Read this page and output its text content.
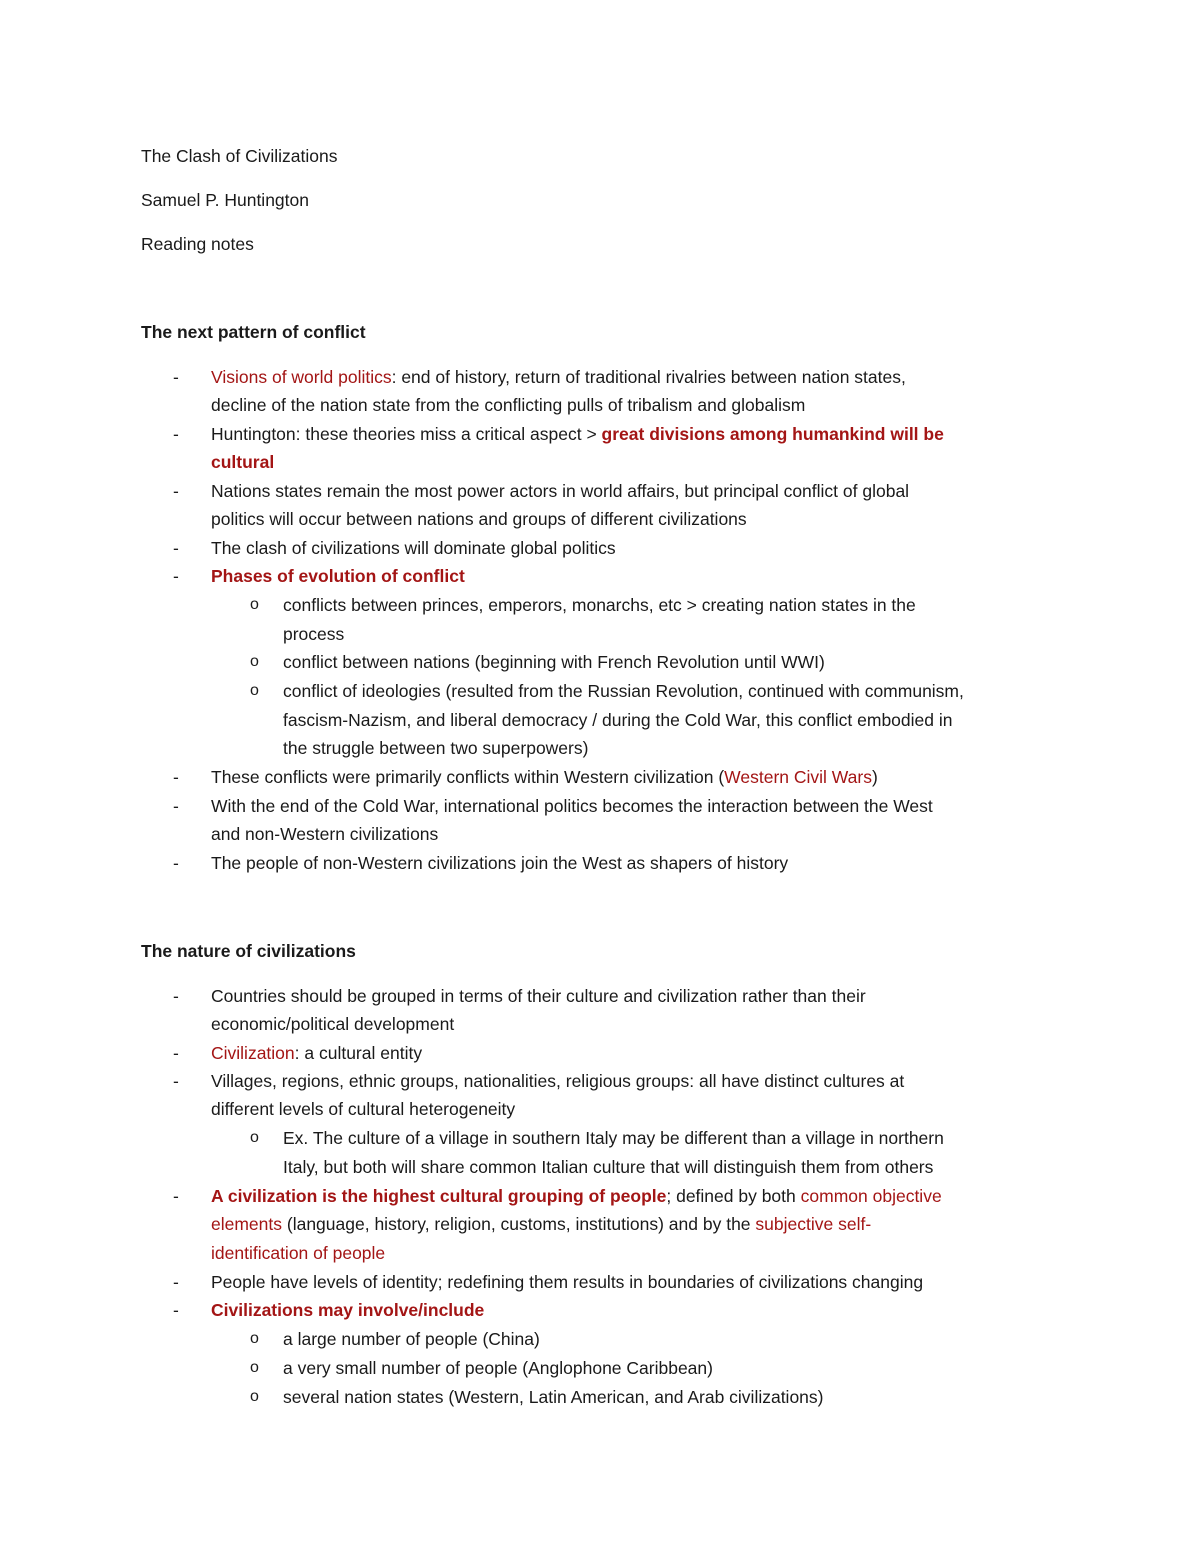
The Clash of Civilizations
Samuel P. Huntington
Reading notes
The next pattern of conflict
- Visions of world politics: end of history, return of traditional rivalries between nation states,
decline of the nation state from the conflicting pulls of tribalism and globalism
- Huntington: these theories miss a critical aspect > great divisions among humankind will be
cultural
- Nations states remain the most power actors in world affairs, but principal conflict of global
politics will occur between nations and groups of different civilizations
- The clash of civilizations will dominate global politics
- Phases of evolution of conflict
o conflicts between princes, emperors, monarchs, etc > creating nation states in the
process
o conflict between nations (beginning with French Revolution until WWI)
o conflict of ideologies (resulted from the Russian Revolution, continued with communism,
fascism-Nazism, and liberal democracy / during the Cold War, this conflict embodied in
the struggle between two superpowers)
- These conflicts were primarily conflicts within Western civilization (Western Civil Wars)
- With the end of the Cold War, international politics becomes the interaction between the West
and non-Western civilizations
- The people of non-Western civilizations join the West as shapers of history
The nature of civilizations
- Countries should be grouped in terms of their culture and civilization rather than their
economic/political development
- Civilization: a cultural entity
- Villages, regions, ethnic groups, nationalities, religious groups: all have distinct cultures at
different levels of cultural heterogeneity
o Ex. The culture of a village in southern Italy may be different than a village in northern
Italy, but both will share common Italian culture that will distinguish them from others
- A civilization is the highest cultural grouping of people; defined by both common objective
elements (language, history, religion, customs, institutions) and by the subjective self-
identification of people
- People have levels of identity; redefining them results in boundaries of civilizations changing
- Civilizations may involve/include
o a large number of people (China)
o a very small number of people (Anglophone Caribbean)
o several nation states (Western, Latin American, and Arab civilizations)
